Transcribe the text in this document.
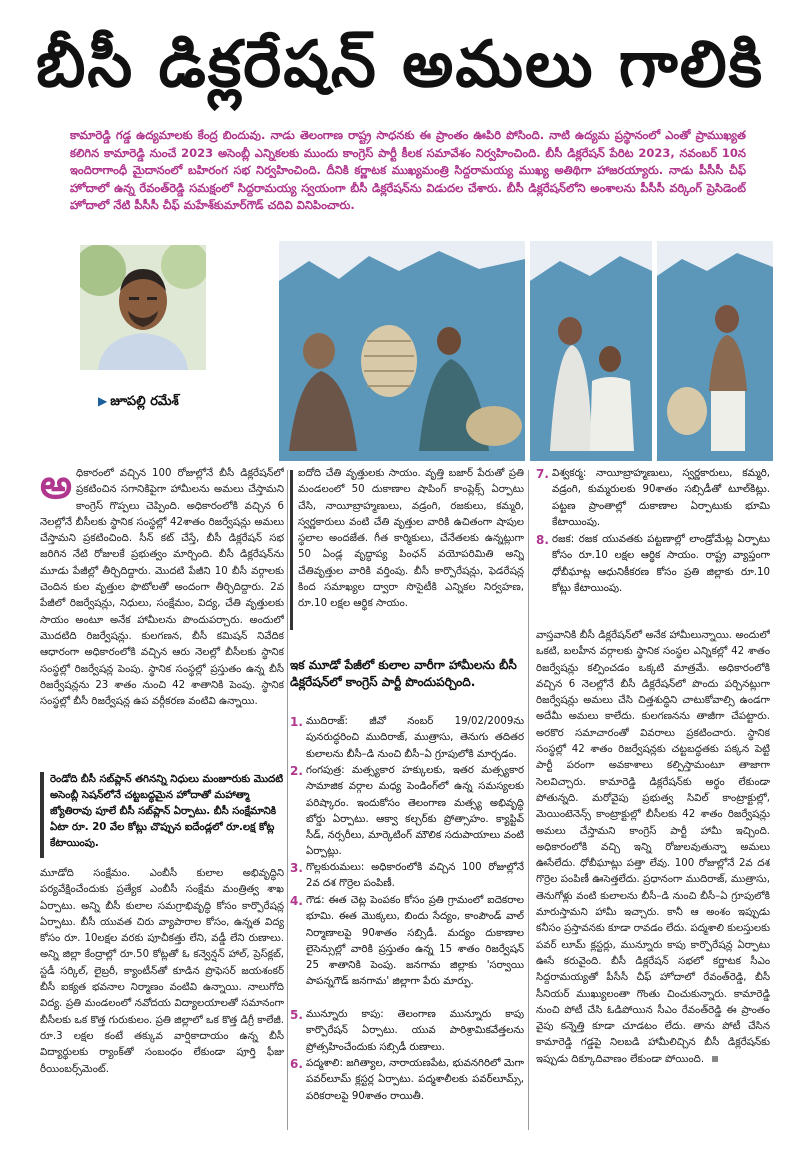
బీసీ డిక్లరేషన్ అమలు గాలికి
కామారెడ్డి గడ్డ ఉద్యమాలకు కేంద్ర బిందువు. నాడు తెలంగాణ రాష్ట్ర సాధనకు ఈ ప్రాంతం ఊపిరి పోసింది. నాటి ఉద్యమ ప్రస్థానంలో ఎంతో ప్రాముఖ్యత కలిగిన కామారెడ్డి నుంచే 2023 అసెంబ్లీ ఎన్నికలకు ముందు కాంగ్రెస్ పార్టీ కీలక సమావేశం నిర్వహించింది. బీసీ డిక్లరేషన్ పేరిట 2023, నవంబర్ 10న ఇందిరాగాంధీ మైదానంలో బహిరంగ సభ నిర్వహించింది. దీనికి కర్ణాటక ముఖ్యమంత్రి సిద్దరామయ్య ముఖ్య అతిథిగా హాజరయ్యారు. నాడు పీసీసీ చీఫ్ హోదాలో ఉన్న రేవంత్‌రెడ్డి సమక్షంలో సిద్దరామయ్య స్వయంగా బీసీ డిక్లరేషన్‌ను విడుదల చేశారు. బీసీ డిక్లరేషన్‌లోని అంశాలను పీసీసీ వర్కింగ్ ప్రెసిడెంట్ హోదాలో నేటి పీసీసీ చీఫ్ మహేశ్‌కుమార్‌గౌడ్ చదివి వినిపించారు.
▶ జూపల్లి రమేశ్
అ ధికారంలో వచ్చిన 100 రోజుల్లోనే బీసీ డిక్లరేషన్‌లో ప్రకటించిన సగానికిపైగా హామీలను అమలు చేస్తామని కాంగ్రెస్ గొప్పలు చెప్పింది. అధికారంలోకి వచ్చిన 6 నెలల్లోనే బీసీలకు స్థానిక సంస్థల్లో 42శాతం రిజర్వేషన్లు అమలు చేస్తామని ప్రకటించింది. సీన్ కట్ చేస్తే, బీసీ డిక్లరేషన్ సభ జరిగిన నేటి రోజులకే ప్రభుత్వం మార్చింది. బీసీ డిక్లరేషన్‌ను మూడు పేజీల్లో తీర్చిదిద్దారు. మొదటి పేజీని 10 బీసీ వర్గాలకు చెందిన కుల వృత్తుల ఫొటోలతో అందంగా తీర్చిదిద్దారు. 2వ పేజీలో రిజర్వేషన్లు, నిధులు, సంక్షేమం, విద్య, చేతి వృత్తులకు సాయం అంటూ అనేక హామీలను పొందుపర్చారు. అందులో మొదటిది రిజర్వేషన్లు. కులగణన, బీసీ కమిషన్ నివేదిక ఆధారంగా అధికారంలోకి వచ్చిన ఆరు నెలల్లో బీసీలకు స్థానిక సంస్థల్లో రిజర్వేషన్ల పెంపు. స్థానిక సంస్థల్లో ప్రస్తుతం ఉన్న బీసీ రిజర్వేషన్లను 23 శాతం నుంచి 42 శాతానికి పెంపు. స్థానిక సంస్థల్లో బీసీ రిజర్వేషన్ల ఉప వర్గీకరణ వంటివి ఉన్నాయి.

రెండోది బీసీ సబ్‌ప్లాన్ తగినన్ని నిధులు మంజూరుకు మొదటి అసెంబ్లీ సెషన్‌లోనే చట్టబద్ధమైన హోదాతో మహాత్మా జ్యోతిరావు పూలే బీసీ సబ్‌ప్లాన్ ఏర్పాటు. బీసీ సంక్షేమానికి ఏటా రూ. 20 వేల కోట్లు చొప్పున ఐదేండ్లలో రూ.లక్ష కోట్ల కేటాయింపు.

మూడోది సంక్షేమం. ఎంబీసీ కులాల అభివృద్ధిని పర్యవేక్షించేందుకు ప్రత్యేక ఎంబీసీ సంక్షేమ మంత్రిత్వ శాఖ ఏర్పాటు. అన్ని బీసీ కులాల సమగ్రాభివృద్ధి కోసం కార్పొరేషన్ల ఏర్పాటు. బీసీ యువత చిరు వ్యాపారాల కోసం, ఉన్నత విద్య కోసం రూ. 10లక్షల వరకు పూచీకత్తు లేని, వడ్డీ లేని రుణాలు. అన్ని జిల్లా కేంద్రాల్లో రూ.50 కోట్లతో ఓ కన్వెన్షన్ హాల్, ప్రెస్‌క్లబ్, స్టడీ సర్కిల్, లైబ్రరీ, క్యాంటీన్‌తో కూడిన ప్రొఫెసర్ జయశంకర్ బీసీ ఐక్యత భవనాల నిర్మాణం వంటివి ఉన్నాయి. నాలుగోది విద్య. ప్రతి మండలంలో నవోదయ విద్యాలయాలతో సమానంగా బీసీలకు ఒక కొత్త గురుకులం. ప్రతి జిల్లాలో ఒక కొత్త డిగ్రీ కాలేజీ. రూ.3 లక్షల కంటే తక్కువ వార్షికాదాయం ఉన్న బీసీ విద్యార్థులకు ర్యాంక్‌తో సంబంధం లేకుండా పూర్తి ఫీజు రీయింబర్స్‌మెంట్.

ఐదోది చేతి వృత్తులకు సాయం. వృత్తి బజార్ పేరుతో ప్రతి మండలంలో 50 దుకాణాల షాపింగ్ కాంప్లెక్స్ ఏర్పాటు చేసి, నాయీబ్రాహ్మణులు, వడ్రంగి, రజకులు, కమ్మరి, స్వర్ణకారులు వంటి చేతి వృత్తుల వారికి ఉచితంగా షాపుల స్థలాల అందజేత. గీత కార్మికులు, చేనేతలకు ఉన్నట్లుగా 50 ఏండ్ల వృద్ధాప్య పింఛన్ వయోపరిమితి అన్ని చేతివృత్తుల వారికి వర్తింపు. బీసీ కార్పొరేషన్లు, ఫెడరేషన్ల కింద సమాఖ్యల ద్వారా సొసైటీకి ఎన్నికల నిర్వహణ, రూ.10 లక్షల ఆర్థిక సాయం.

ఇక మూడో పేజీలో కులాల వారీగా హామీలను బీసీ డిక్లరేషన్‌లో కాంగ్రెస్ పార్టీ పొందుపర్చింది.
1. ముదిరాజ్: జీవో నంబర్ 19/02/2009ను పునరుద్ధరించి ముదిరాజ్, ముత్రాసు, తెనుగు తదితర కులాలను బీసీ–డి నుంచి బీసీ–ఏ గ్రూపులోకి మార్చడం.
2. గంగపుత్ర: మత్స్యకార హక్కులకు, ఇతర మత్స్యకార సామాజిక వర్గాల మధ్య పెండింగ్‌లో ఉన్న సమస్యలకు పరిష్కారం. ఇందుకోసం తెలంగాణ మత్స్య అభివృద్ధి బోర్డు ఏర్పాటు. ఆక్వా కల్చర్‌కు ప్రోత్సాహం. క్యాప్టివ్ సీడ్, నర్సరీలు, మార్కెటింగ్ మౌలిక సదుపాయాలు వంటి ఏర్పాట్లు.
3. గొల్లకురుమలు: అధికారంలోకి వచ్చిన 100 రోజుల్లోనే 2వ దశ గొర్రెల పంపిణీ.
4. గౌడ: ఈత చెట్ల పెంపకం కోసం ప్రతి గ్రామంలో ఐదెకరాల భూమి. ఈత మొక్కలు, బిందు సేద్యం, కాంపౌండ్ వాల్ నిర్మాణాలపై 90శాతం సబ్సిడీ. మద్యం దుకాణాల లైసెన్సుల్లో వారికి ప్రస్తుతం ఉన్న 15 శాతం రిజర్వేషన్ 25 శాతానికి పెంపు. జనగామ జిల్లాకు 'సర్వాయి పాపన్నగౌడ్ జనగామ' జిల్లాగా పేరు మార్పు.
5. మున్నూరు కాపు: తెలంగాణ మున్నూరు కాపు కార్పొరేషన్ ఏర్పాటు. యువ పారిశ్రామికవేత్తలను ప్రోత్సహించేందుకు సబ్సిడీ రుణాలు.
6. పద్మశాలి: జగిత్యాల, నారాయణపేట, భువనగిరిలో మెగా పవర్‌లూమ్ క్లస్టర్ల ఏర్పాటు. పద్మశాలీలకు పవర్‌లూమ్స్, పరికరాలపై 90శాతం రాయితీ.
7. విశ్వకర్మ: నాయీబ్రాహ్మణులు, స్వర్ణకారులు, కమ్మరి, వడ్రంగి, కుమ్మరులకు 90శాతం సబ్సిడీతో టూల్‌కిట్లు. పట్టణ ప్రాంతాల్లో దుకాణాల ఏర్పాటుకు భూమి కేటాయింపు.
8. రజక: రజక యువతకు పట్టణాల్లో లాండ్రోమేట్ల ఏర్పాటు కోసం రూ.10 లక్షల ఆర్థిక సాయం. రాష్ట్ర వ్యాప్తంగా ధోబీఘాట్ల ఆధునికీకరణ కోసం ప్రతి జిల్లాకు రూ.10 కోట్లు కేటాయింపు.

వాస్తవానికి బీసీ డిక్లరేషన్‌లో అనేక హామీలున్నాయి. అందులో ఒకటి, బలహీన వర్గాలకు స్థానిక సంస్థల ఎన్నికల్లో 42 శాతం రిజర్వేషన్లు కల్పించడం ఒక్కటి మాత్రమే. అధికారంలోకి వచ్చిన 6 నెలల్లోనే బీసీ డిక్లరేషన్‌లో పొందు పర్చినట్లుగా రిజర్వేషన్లు అమలు చేసి చిత్తశుద్ధిని చాటుకోవాల్సి ఉండగా అదేమీ అమలు కాలేదు. కులగణనను తాజీగా చేపట్టారు. అరకొర సమాచారంతో వివరాలు ప్రకటించారు. స్థానిక సంస్థల్లో 42 శాతం రిజర్వేషన్లకు చట్టబద్ధతకు పక్కన పెట్టి పార్టీ పరంగా అవకాశాలు కల్పిస్తామంటూ తాజాగా సెలవిచ్చారు. కామారెడ్డి డిక్లరేషన్‌కు అర్థం లేకుండా పోతున్నది. మరోవైపు ప్రభుత్వ సివిల్ కాంట్రాక్టుల్లో, మెయింటెనెన్స్ కాంట్రాక్టుల్లో బీసీలకు 42 శాతం రిజర్వేషన్లు అమలు చేస్తామని కాంగ్రెస్ పార్టీ హామీ ఇచ్చింది. అధికారంలోకి వచ్చి ఇన్ని రోజులవుతున్నా అమలు ఊసేలేదు. ధోబీఘాట్లు పత్తా లేవు. 100 రోజుల్లోనే 2వ దశ గొర్రెల పంపిణీ ఊసెత్తలేదు. ప్రధానంగా ముదిరాజ్, ముత్రాసు, తెనుగోళ్లు వంటి కులాలను బీసీ–డి నుంచి బీసీ–ఏ గ్రూపులోకి మారుస్తామని హామీ ఇచ్చారు. కానీ ఆ అంశం ఇప్పుడు కనీసం ప్రస్తావనకు కూడా రావడం లేదు. పద్మశాలి కులస్తులకు పవర్ లూమ్ క్లస్టర్లు, మున్నూరు కాపు కార్పొరేషన్ల ఏర్పాటు ఊసే కరువైంది. బీసీ డిక్లరేషన్ సభలో కర్ణాటక సీఎం సిద్దరామయ్యతో పీసీసీ చీఫ్ హోదాలో రేవంత్‌రెడ్డి, బీసీ సీనియర్ ముఖ్యులంతా గొంతు చించుకున్నారు. కామారెడ్డి నుంచి పోటీ చేసి ఓడిపోయిన సీఎం రేవంత్‌రెడ్డి ఈ ప్రాంతం వైపు కన్నెత్తి కూడా చూడటం లేదు. తాను పోటీ చేసిన కామారెడ్డి గడ్డపై నిలబడి హామీలిచ్చిన బీసీ డిక్లరేషన్‌కు ఇప్పుడు దిక్కూదివాణం లేకుండా పోయింది.
